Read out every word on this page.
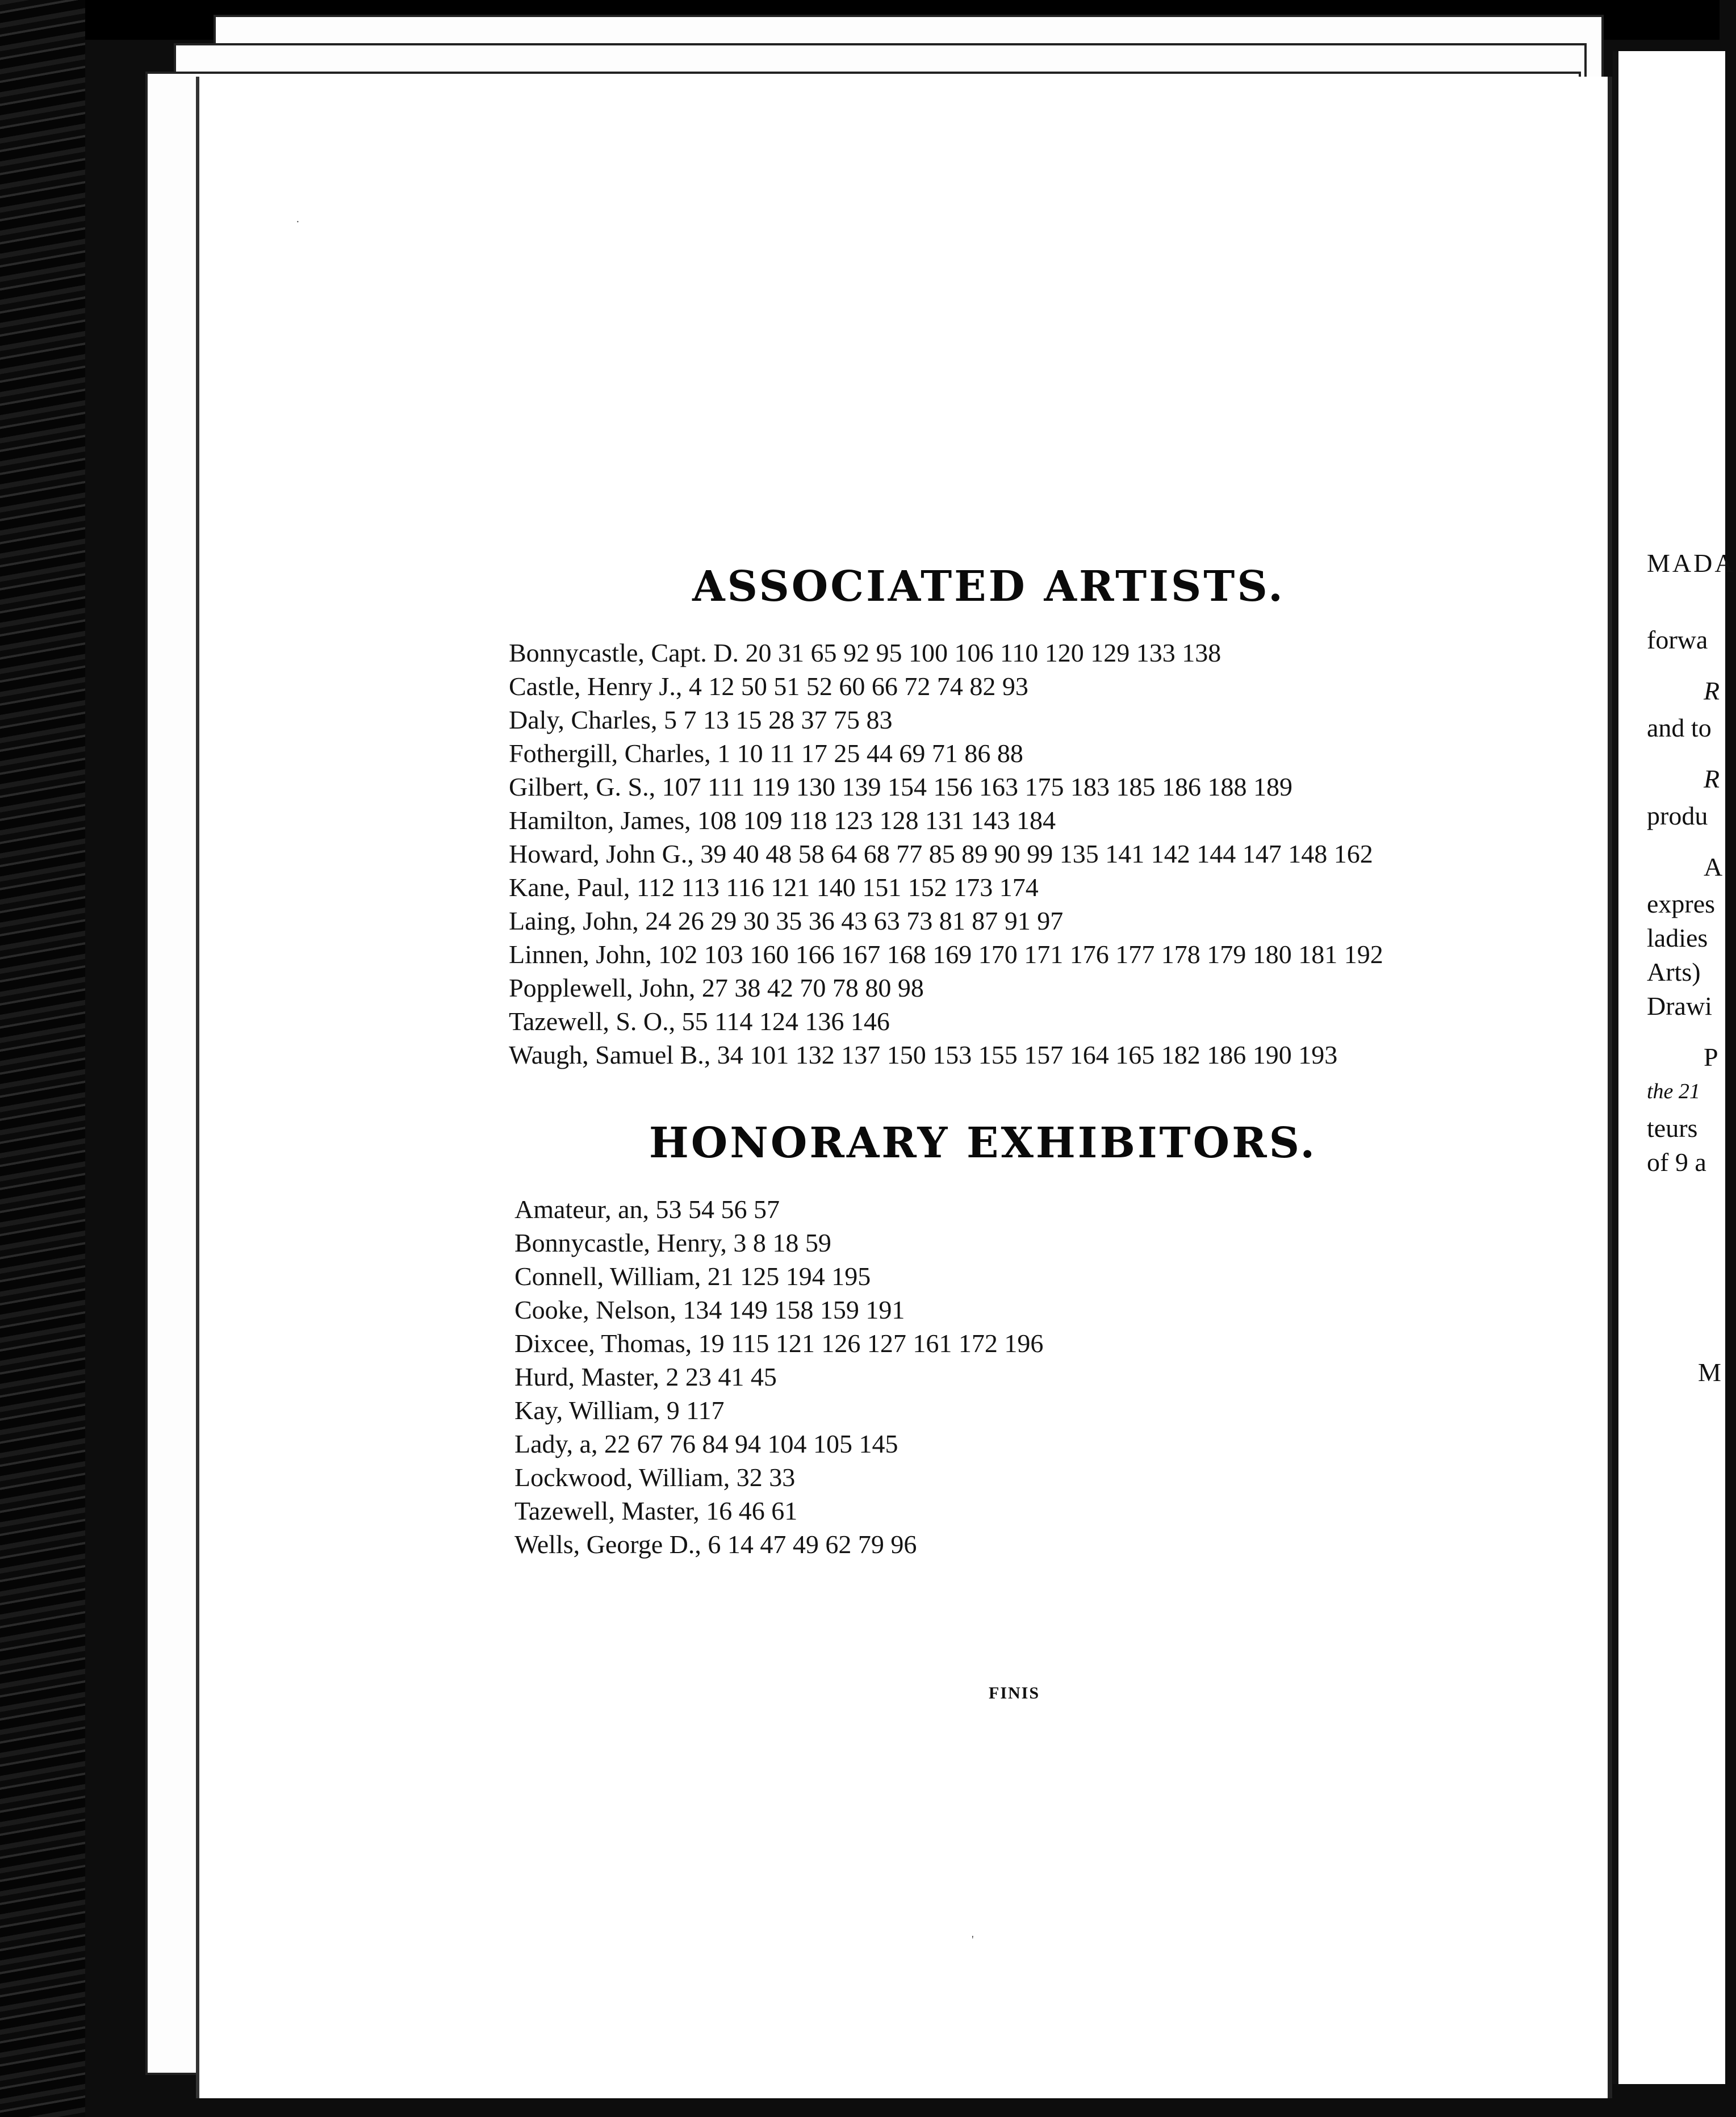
·
ASSOCIATED ARTISTS.
Bonnycastle, Capt. D. 20 31 65 92 95 100 106 110 120 129 133 138
Castle, Henry J., 4 12 50 51 52 60 66 72 74 82 93
Daly, Charles, 5 7 13 15 28 37 75 83
Fothergill, Charles, 1 10 11 17 25 44 69 71 86 88
Gilbert, G. S., 107 111 119 130 139 154 156 163 175 183 185 186 188 189
Hamilton, James, 108 109 118 123 128 131 143 184
Howard, John G., 39 40 48 58 64 68 77 85 89 90 99 135 141 142 144 147 148 162
Kane, Paul, 112 113 116 121 140 151 152 173 174
Laing, John, 24 26 29 30 35 36 43 63 73 81 87 91 97
Linnen, John, 102 103 160 166 167 168 169 170 171 176 177 178 179 180 181 192
Popplewell, John, 27 38 42 70 78 80 98
Tazewell, S. O., 55 114 124 136 146
Waugh, Samuel B., 34 101 132 137 150 153 155 157 164 165 182 186 190 193
HONORARY EXHIBITORS.
Amateur, an, 53 54 56 57
Bonnycastle, Henry, 3 8 18 59
Connell, William, 21 125 194 195
Cooke, Nelson, 134 149 158 159 191
Dixcee, Thomas, 19 115 121 126 127 161 172 196
Hurd, Master, 2 23 41 45
Kay, William, 9 117
Lady, a, 22 67 76 84 94 104 105 145
Lockwood, William, 32 33
Tazewell, Master, 16 46 61
Wells, George D., 6 14 47 49 62 79 96
FINIS
'
MADA
forwa
R
and to
R
produ
A
expres
ladies
Arts)
Drawi
P
the 21
teurs
of 9 a
M
